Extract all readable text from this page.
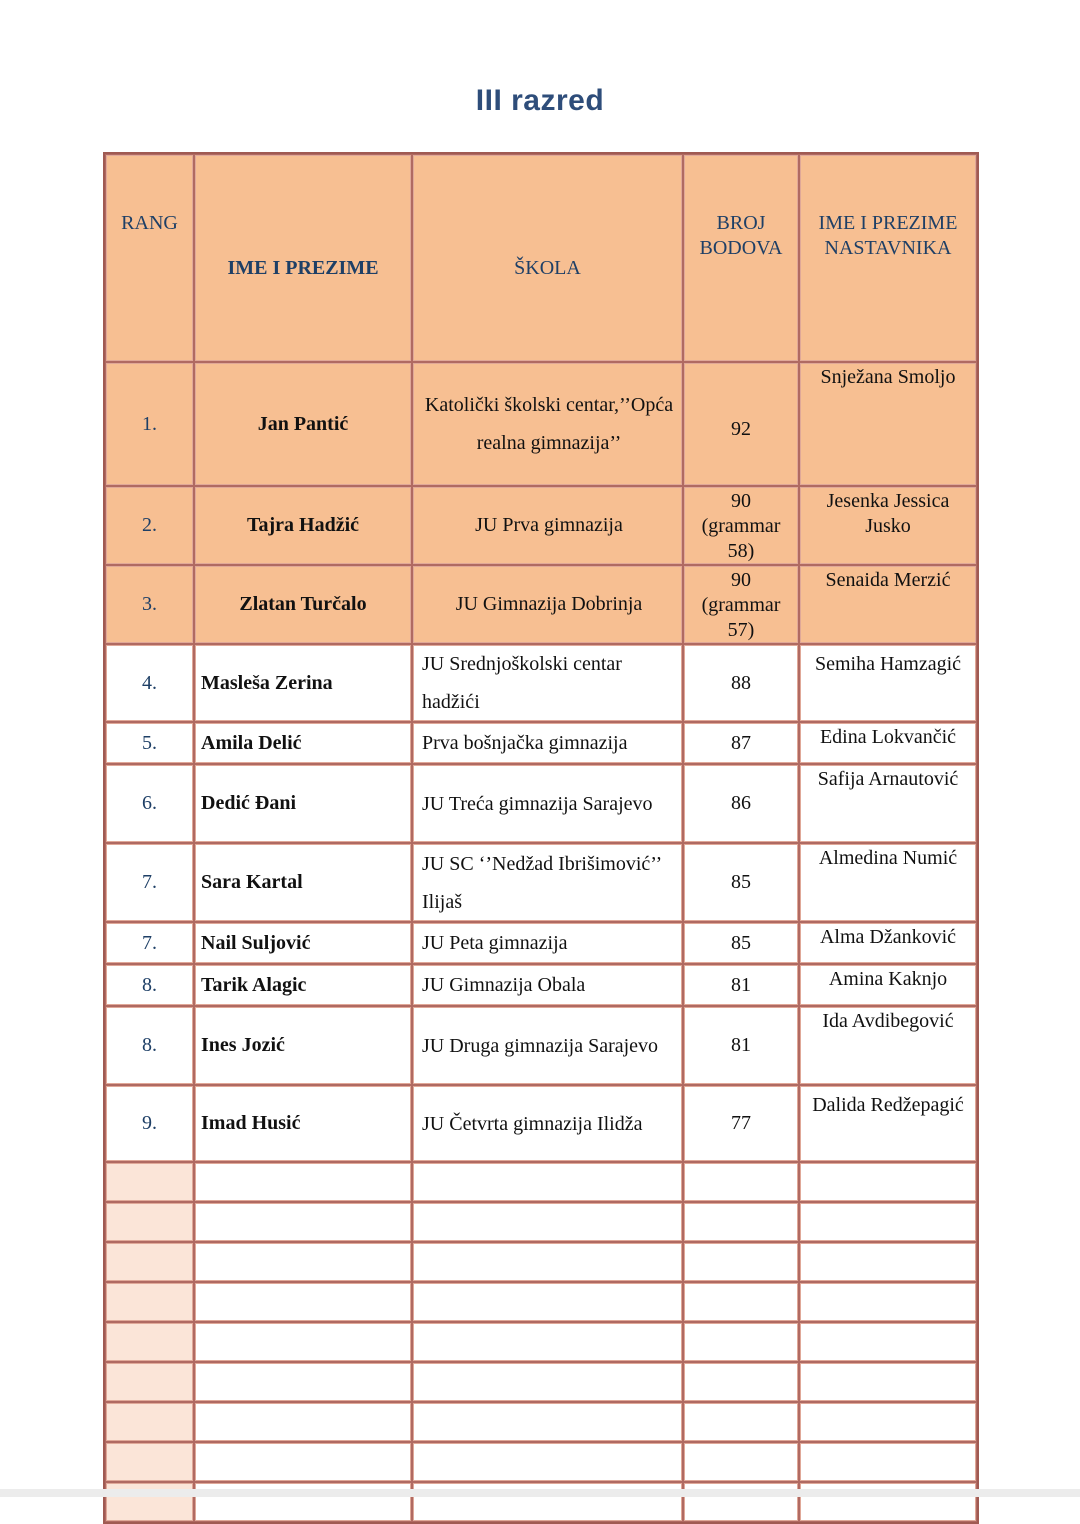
III razred
RANG	IME I PREZIME	ŠKOLA	BROJ BODOVA	IME I PREZIME NASTAVNIKA
1.	Jan Pantić	Katolički školski centar,’’Opća realna gimnazija’’	92	Snježana Smoljo
2.	Tajra Hadžić	JU Prva gimnazija	90 (grammar 58)	Jesenka Jessica Jusko
3.	Zlatan Turčalo	JU Gimnazija Dobrinja	90 (grammar 57)	Senaida Merzić
4.	Masleša Zerina	JU Srednjoškolski centar hadžići	88	Semiha Hamzagić
5.	Amila Delić	Prva bošnjačka gimnazija	87	Edina Lokvančić
6.	Dedić Đani	JU Treća gimnazija Sarajevo	86	Safija Arnautović
7.	Sara Kartal	JU SC ‘’Nedžad Ibrišimović’’ Ilijaš	85	Almedina Numić
7.	Nail Suljović	JU Peta gimnazija	85	Alma Džanković
8.	Tarik Alagic	JU Gimnazija Obala	81	Amina Kaknjo
8.	Ines Jozić	JU Druga gimnazija Sarajevo	81	Ida Avdibegović
9.	Imad Husić	JU Četvrta gimnazija Ilidža	77	Dalida Redžepagić
